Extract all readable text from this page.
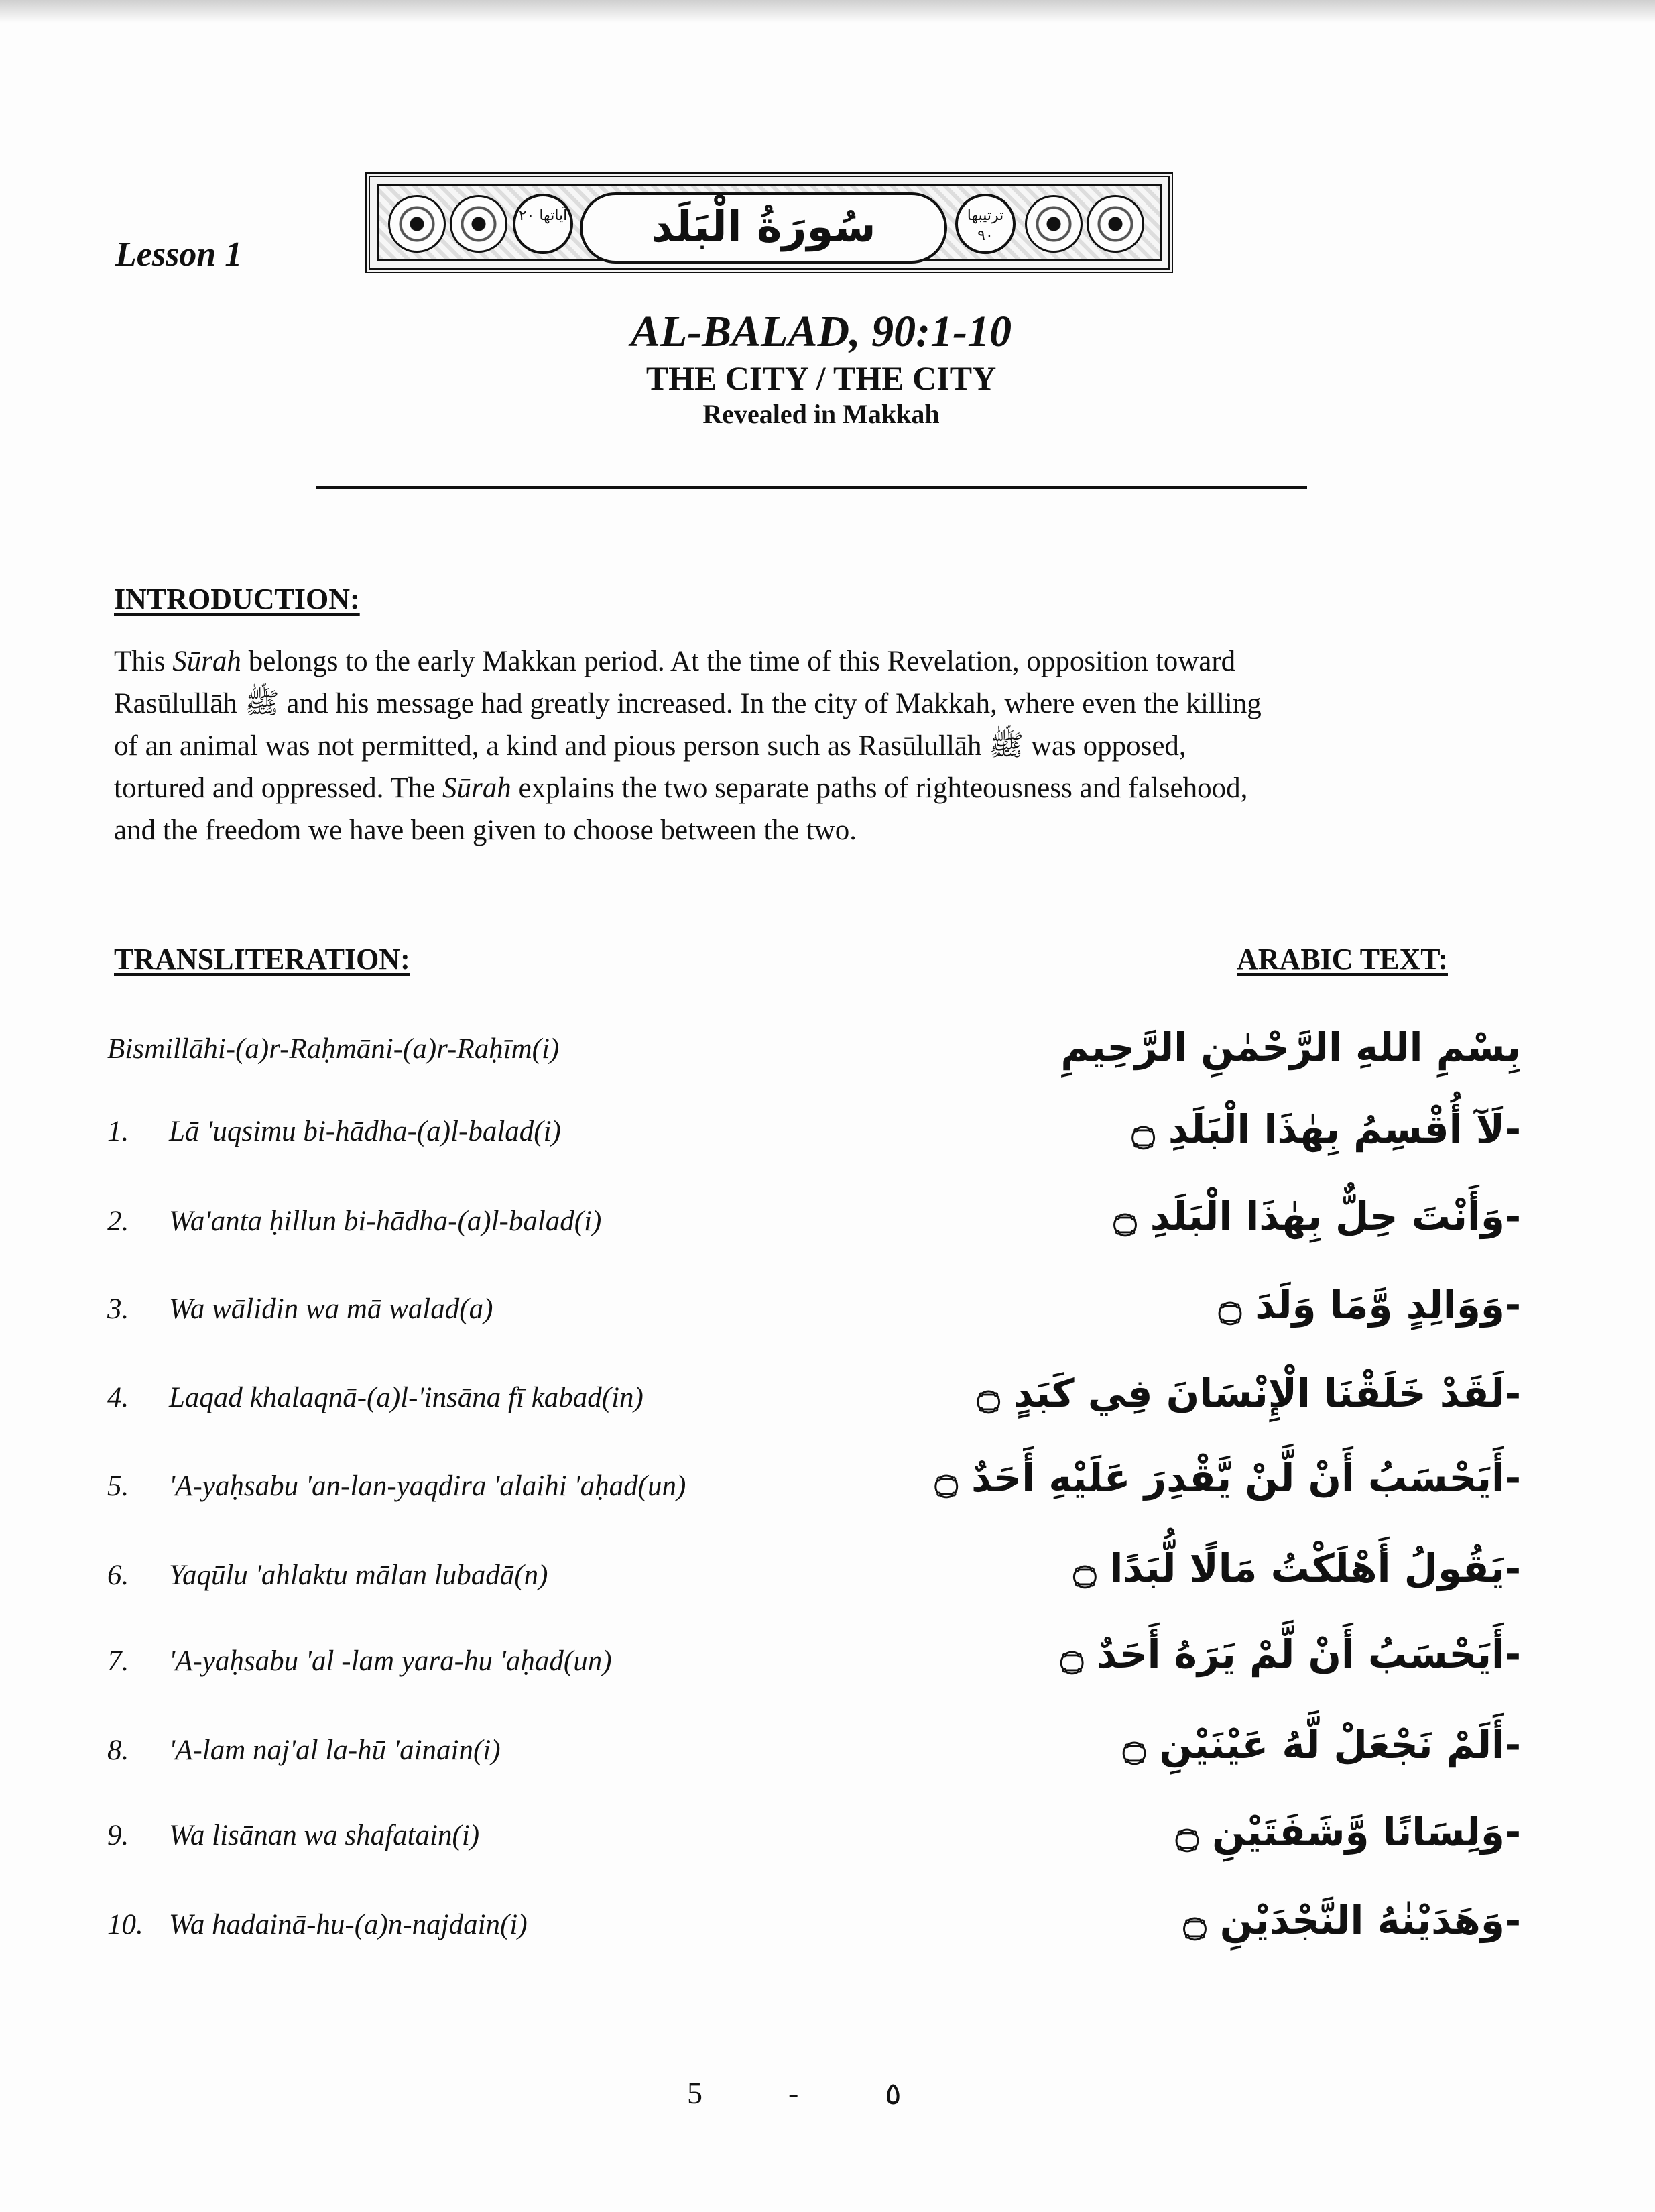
Lesson 1
آياتها ٢٠	سُورَةُ الْبَلَد	ترتيبها ٩٠
AL-BALAD, 90:1-10
THE CITY / THE CITY
Revealed in Makkah
INTRODUCTION:
This Sūrah belongs to the early Makkan period. At the time of this Revelation, opposition toward
Rasūlullāh ﷺ and his message had greatly increased. In the city of Makkah, where even the killing
of an animal was not permitted, a kind and pious person such as Rasūlullāh ﷺ was opposed,
tortured and oppressed. The Sūrah explains the two separate paths of righteousness and falsehood,
and the freedom we have been given to choose between the two.
TRANSLITERATION:	ARABIC TEXT:
Bismillāhi-(a)r-Raḥmāni-(a)r-Raḥīm(i)	بِسْمِ اللهِ الرَّحْمٰنِ الرَّحِيمِ
1. Lā 'uqsimu bi-hādha-(a)l-balad(i)	-لَآ أُقْسِمُ بِهٰذَا الْبَلَدِ ۝
2. Wa'anta ḥillun bi-hādha-(a)l-balad(i)	-وَأَنْتَ حِلٌّ بِهٰذَا الْبَلَدِ ۝
3. Wa wālidin wa mā walad(a)	-وَوَالِدٍ وَّمَا وَلَدَ ۝
4. Laqad khalaqnā-(a)l-'insāna fī kabad(in)	-لَقَدْ خَلَقْنَا الْإِنْسَانَ فِي كَبَدٍ ۝
5. 'A-yaḥsabu 'an-lan-yaqdira 'alaihi 'aḥad(un)	-أَيَحْسَبُ أَنْ لَّنْ يَّقْدِرَ عَلَيْهِ أَحَدٌ ۝
6. Yaqūlu 'ahlaktu mālan lubadā(n)	-يَقُولُ أَهْلَكْتُ مَالًا لُّبَدًا ۝
7. 'A-yaḥsabu 'al -lam yara-hu 'aḥad(un)	-أَيَحْسَبُ أَنْ لَّمْ يَرَهُ أَحَدٌ ۝
8. 'A-lam naj'al la-hū 'ainain(i)	-أَلَمْ نَجْعَلْ لَّهُ عَيْنَيْنِ ۝
9. Wa lisānan wa shafatain(i)	-وَلِسَانًا وَّشَفَتَيْنِ ۝
10. Wa hadainā-hu-(a)n-najdain(i)	-وَهَدَيْنٰهُ النَّجْدَيْنِ ۝
5	-	٥
